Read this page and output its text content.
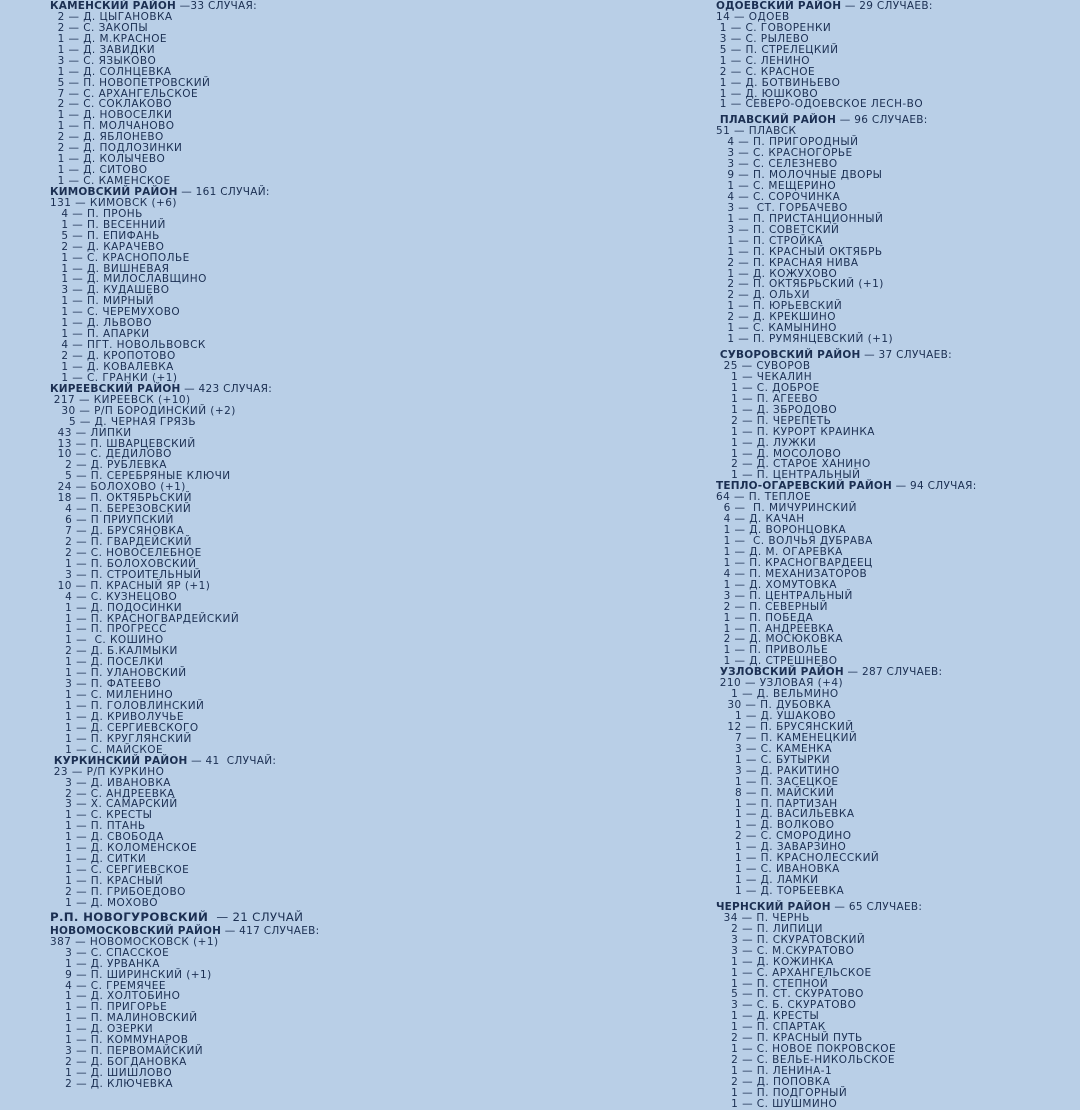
КАМЕНСКИЙ РАЙОН —33 СЛУЧАЯ:
2 — Д. ЦЫГАНОВКА
2 — С. ЗАКОПЫ
1 — Д. М.КРАСНОЕ
1 — Д. ЗАВИДКИ
3 — С. ЯЗЫКОВО
1 — Д. СОЛНЦЕВКА
5 — П. НОВОПЕТРОВСКИЙ
7 — С. АРХАНГЕЛЬСКОЕ
2 — С. СОКЛАКОВО
1 — Д. НОВОСЕЛКИ
1 — П. МОЛЧАНОВО
2 — Д. ЯБЛОНЕВО
2 — Д. ПОДЛОЗИНКИ
1 — Д. КОЛЫЧЕВО
1 — Д. СИТОВО
1 — С. КАМЕНСКОЕ
КИМОВСКИЙ РАЙОН — 161 СЛУЧАЙ:
131 — КИМОВСК (+6)
4 — П. ПРОНЬ
1 — П. ВЕСЕННИЙ
5 — П. ЕПИФАНЬ
2 — Д. КАРАЧЕВО
1 — С. КРАСНОПОЛЬЕ
1 — Д. ВИШНЕВАЯ
1 — Д. МИЛОСЛАВЩИНО
3 — Д. КУДАШЕВО
1 — П. МИРНЫЙ
1 — С. ЧЕРЕМУХОВО
1 — Д. ЛЬВОВО
1 — П. АПАРКИ
4 — ПГТ. НОВОЛЬВОВСК
2 — Д. КРОПОТОВО
1 — Д. КОВАЛЕВКА
1 — С. ГРАНКИ (+1)
КИРЕЕВСКИЙ РАЙОН — 423 СЛУЧАЯ:
217 — КИРЕЕВСК (+10)
30 — Р/П БОРОДИНСКИЙ (+2)
5 — Д. ЧЕРНАЯ ГРЯЗЬ
43 — ЛИПКИ
13 — П. ШВАРЦЕВСКИЙ
10 — С. ДЕДИЛОВО
2 — Д. РУБЛЕВКА
5 — П. СЕРЕБРЯНЫЕ КЛЮЧИ
24 — БОЛОХОВО (+1)
18 — П. ОКТЯБРЬСКИЙ
4 — П. БЕРЕЗОВСКИЙ
6 — П ПРИУПСКИЙ
7 — Д. БРУСЯНОВКА
2 — П. ГВАРДЕЙСКИЙ
2 — С. НОВОСЕЛЕБНОЕ
1 — П. БОЛОХОВСКИЙ
3 — П. СТРОИТЕЛЬНЫЙ
10 — П. КРАСНЫЙ ЯР (+1)
4 — С. КУЗНЕЦОВО
1 — Д. ПОДОСИНКИ
1 — П. КРАСНОГВАРДЕЙСКИЙ
1 — П. ПРОГРЕСС
1 —  С. КОШИНО
2 — Д. Б.КАЛМЫКИ
1 — Д. ПОСЕЛКИ
1 — П. УЛАНОВСКИЙ
3 — П. ФАТЕЕВО
1 — С. МИЛЕНИНО
1 — П. ГОЛОВЛИНСКИЙ
1 — Д. КРИВОЛУЧЬЕ
1 — Д. СЕРГИЕВСКОГО
1 — П. КРУГЛЯНСКИЙ
1 — С. МАЙСКОЕ
КУРКИНСКИЙ РАЙОН — 41  СЛУЧАЙ:
23 — Р/П КУРКИНО
3 — Д. ИВАНОВКА
2 — С. АНДРЕЕВКА
3 — Х. САМАРСКИЙ
1 — С. КРЕСТЫ
1 — П. ПТАНЬ
1 — Д. СВОБОДА
1 — Д. КОЛОМЕНСКОЕ
1 — Д. СИТКИ
1 — С. СЕРГИЕВСКОЕ
1 — П. КРАСНЫЙ
2 — П. ГРИБОЕДОВО
1 — Д. МОХОВО
Р.П. НОВОГУРОВСКИЙ  — 21 СЛУЧАЙ
НОВОМОСКОВСКИЙ РАЙОН — 417 СЛУЧАЕВ:
387 — НОВОМОСКОВСК (+1)
3 — С. СПАССКОЕ
1 — Д. УРВАНКА
9 — П. ШИРИНСКИЙ (+1)
4 — С. ГРЕМЯЧЕЕ
1 — Д. ХОЛТОБИНО
1 — П. ПРИГОРЬЕ
1 — П. МАЛИНОВСКИЙ
1 — Д. ОЗЕРКИ
1 — П. КОММУНАРОВ
3 — П. ПЕРВОМАЙСКИЙ
2 — Д. БОГДАНОВКА
1 — Д. ШИШЛОВО
2 — Д. КЛЮЧЕВКА
ОДОЕВСКИЙ РАЙОН — 29 СЛУЧАЕВ:
14 — ОДОЕВ
1 — С. ГОВОРЕНКИ
3 — С. РЫЛЕВО
5 — П. СТРЕЛЕЦКИЙ
1 — С. ЛЕНИНО
2 — С. КРАСНОЕ
1 — Д. БОТВИНЬЕВО
1 — Д. ЮШКОВО
1 — СЕВЕРО-ОДОЕВСКОЕ ЛЕСН-ВО
ПЛАВСКИЙ РАЙОН — 96 СЛУЧАЕВ:
51 — ПЛАВСК
4 — П. ПРИГОРОДНЫЙ
3 — С. КРАСНОГОРЬЕ
3 — С. СЕЛЕЗНЕВО
9 — П. МОЛОЧНЫЕ ДВОРЫ
1 — С. МЕЩЕРИНО
4 — С. СОРОЧИНКА
3 —  СТ. ГОРБАЧЕВО
1 — П. ПРИСТАНЦИОННЫЙ
3 — П. СОВЕТСКИЙ
1 — П. СТРОЙКА
1 — П. КРАСНЫЙ ОКТЯБРЬ
2 — П. КРАСНАЯ НИВА
1 — Д. КОЖУХОВО
2 — П. ОКТЯБРЬСКИЙ (+1)
2 — Д. ОЛЬХИ
1 — П. ЮРЬЕВСКИЙ
2 — Д. КРЕКШИНО
1 — С. КАМЫНИНО
1 — П. РУМЯНЦЕВСКИЙ (+1)
СУВОРОВСКИЙ РАЙОН — 37 СЛУЧАЕВ:
25 — СУВОРОВ
1 — ЧЕКАЛИН
1 — С. ДОБРОЕ
1 — П. АГЕЕВО
1 — Д. ЗБРОДОВО
2 — П. ЧЕРЕПЕТЬ
1 — П. КУРОРТ КРАИНКА
1 — Д. ЛУЖКИ
1 — Д. МОСОЛОВО
2 — Д. СТАРОЕ ХАНИНО
1 — П. ЦЕНТРАЛЬНЫЙ
ТЕПЛО-ОГАРЕВСКИЙ РАЙОН — 94 СЛУЧАЯ:
64 — П. ТЕПЛОЕ
6 —  П. МИЧУРИНСКИЙ
4 — Д. КАЧАН
1 — Д. ВОРОНЦОВКА
1 —  С. ВОЛЧЬЯ ДУБРАВА
1 — Д. М. ОГАРЕВКА
1 — П. КРАСНОГВАРДЕЕЦ
4 — П. МЕХАНИЗАТОРОВ
1 — Д. ХОМУТОВКА
3 — П. ЦЕНТРАЛЬНЫЙ
2 — П. СЕВЕРНЫЙ
1 — П. ПОБЕДА
1 — П. АНДРЕЕВКА
2 — Д. МОСЮКОВКА
1 — П. ПРИВОЛЬЕ
1 — Д. СТРЕШНЕВО
УЗЛОВСКИЙ РАЙОН — 287 СЛУЧАЕВ:
210 — УЗЛОВАЯ (+4)
1 — Д. ВЕЛЬМИНО
30 — П. ДУБОВКА
1 — Д. УШАКОВО
12 — П. БРУСЯНСКИЙ
7 — П. КАМЕНЕЦКИЙ
3 — С. КАМЕНКА
1 — С. БУТЫРКИ
3 — Д. РАКИТИНО
1 — П. ЗАСЕЦКОЕ
8 — П. МАЙСКИЙ
1 — П. ПАРТИЗАН
1 — Д. ВАСИЛЬЕВКА
1 — Д. ВОЛКОВО
2 — С. СМОРОДИНО
1 — Д. ЗАВАРЗИНО
1 — П. КРАСНОЛЕССКИЙ
1 — С. ИВАНОВКА
1 — Д. ЛАМКИ
1 — Д. ТОРБЕЕВКА
ЧЕРНСКИЙ РАЙОН — 65 СЛУЧАЕВ:
34 — П. ЧЕРНЬ
2 — П. ЛИПИЦИ
3 — П. СКУРАТОВСКИЙ
3 — С. М.СКУРАТОВО
1 — Д. КОЖИНКА
1 — С. АРХАНГЕЛЬСКОЕ
1 — П. СТЕПНОЙ
5 — П. СТ. СКУРАТОВО
3 — С. Б. СКУРАТОВО
1 — Д. КРЕСТЫ
1 — П. СПАРТАК
2 — П. КРАСНЫЙ ПУТЬ
1 — С. НОВОЕ ПОКРОВСКОЕ
2 — С. ВЕЛЬЕ-НИКОЛЬСКОЕ
1 — П. ЛЕНИНА-1
2 — Д. ПОПОВКА
1 — П. ПОДГОРНЫЙ
1 — С. ШУШМИНО
